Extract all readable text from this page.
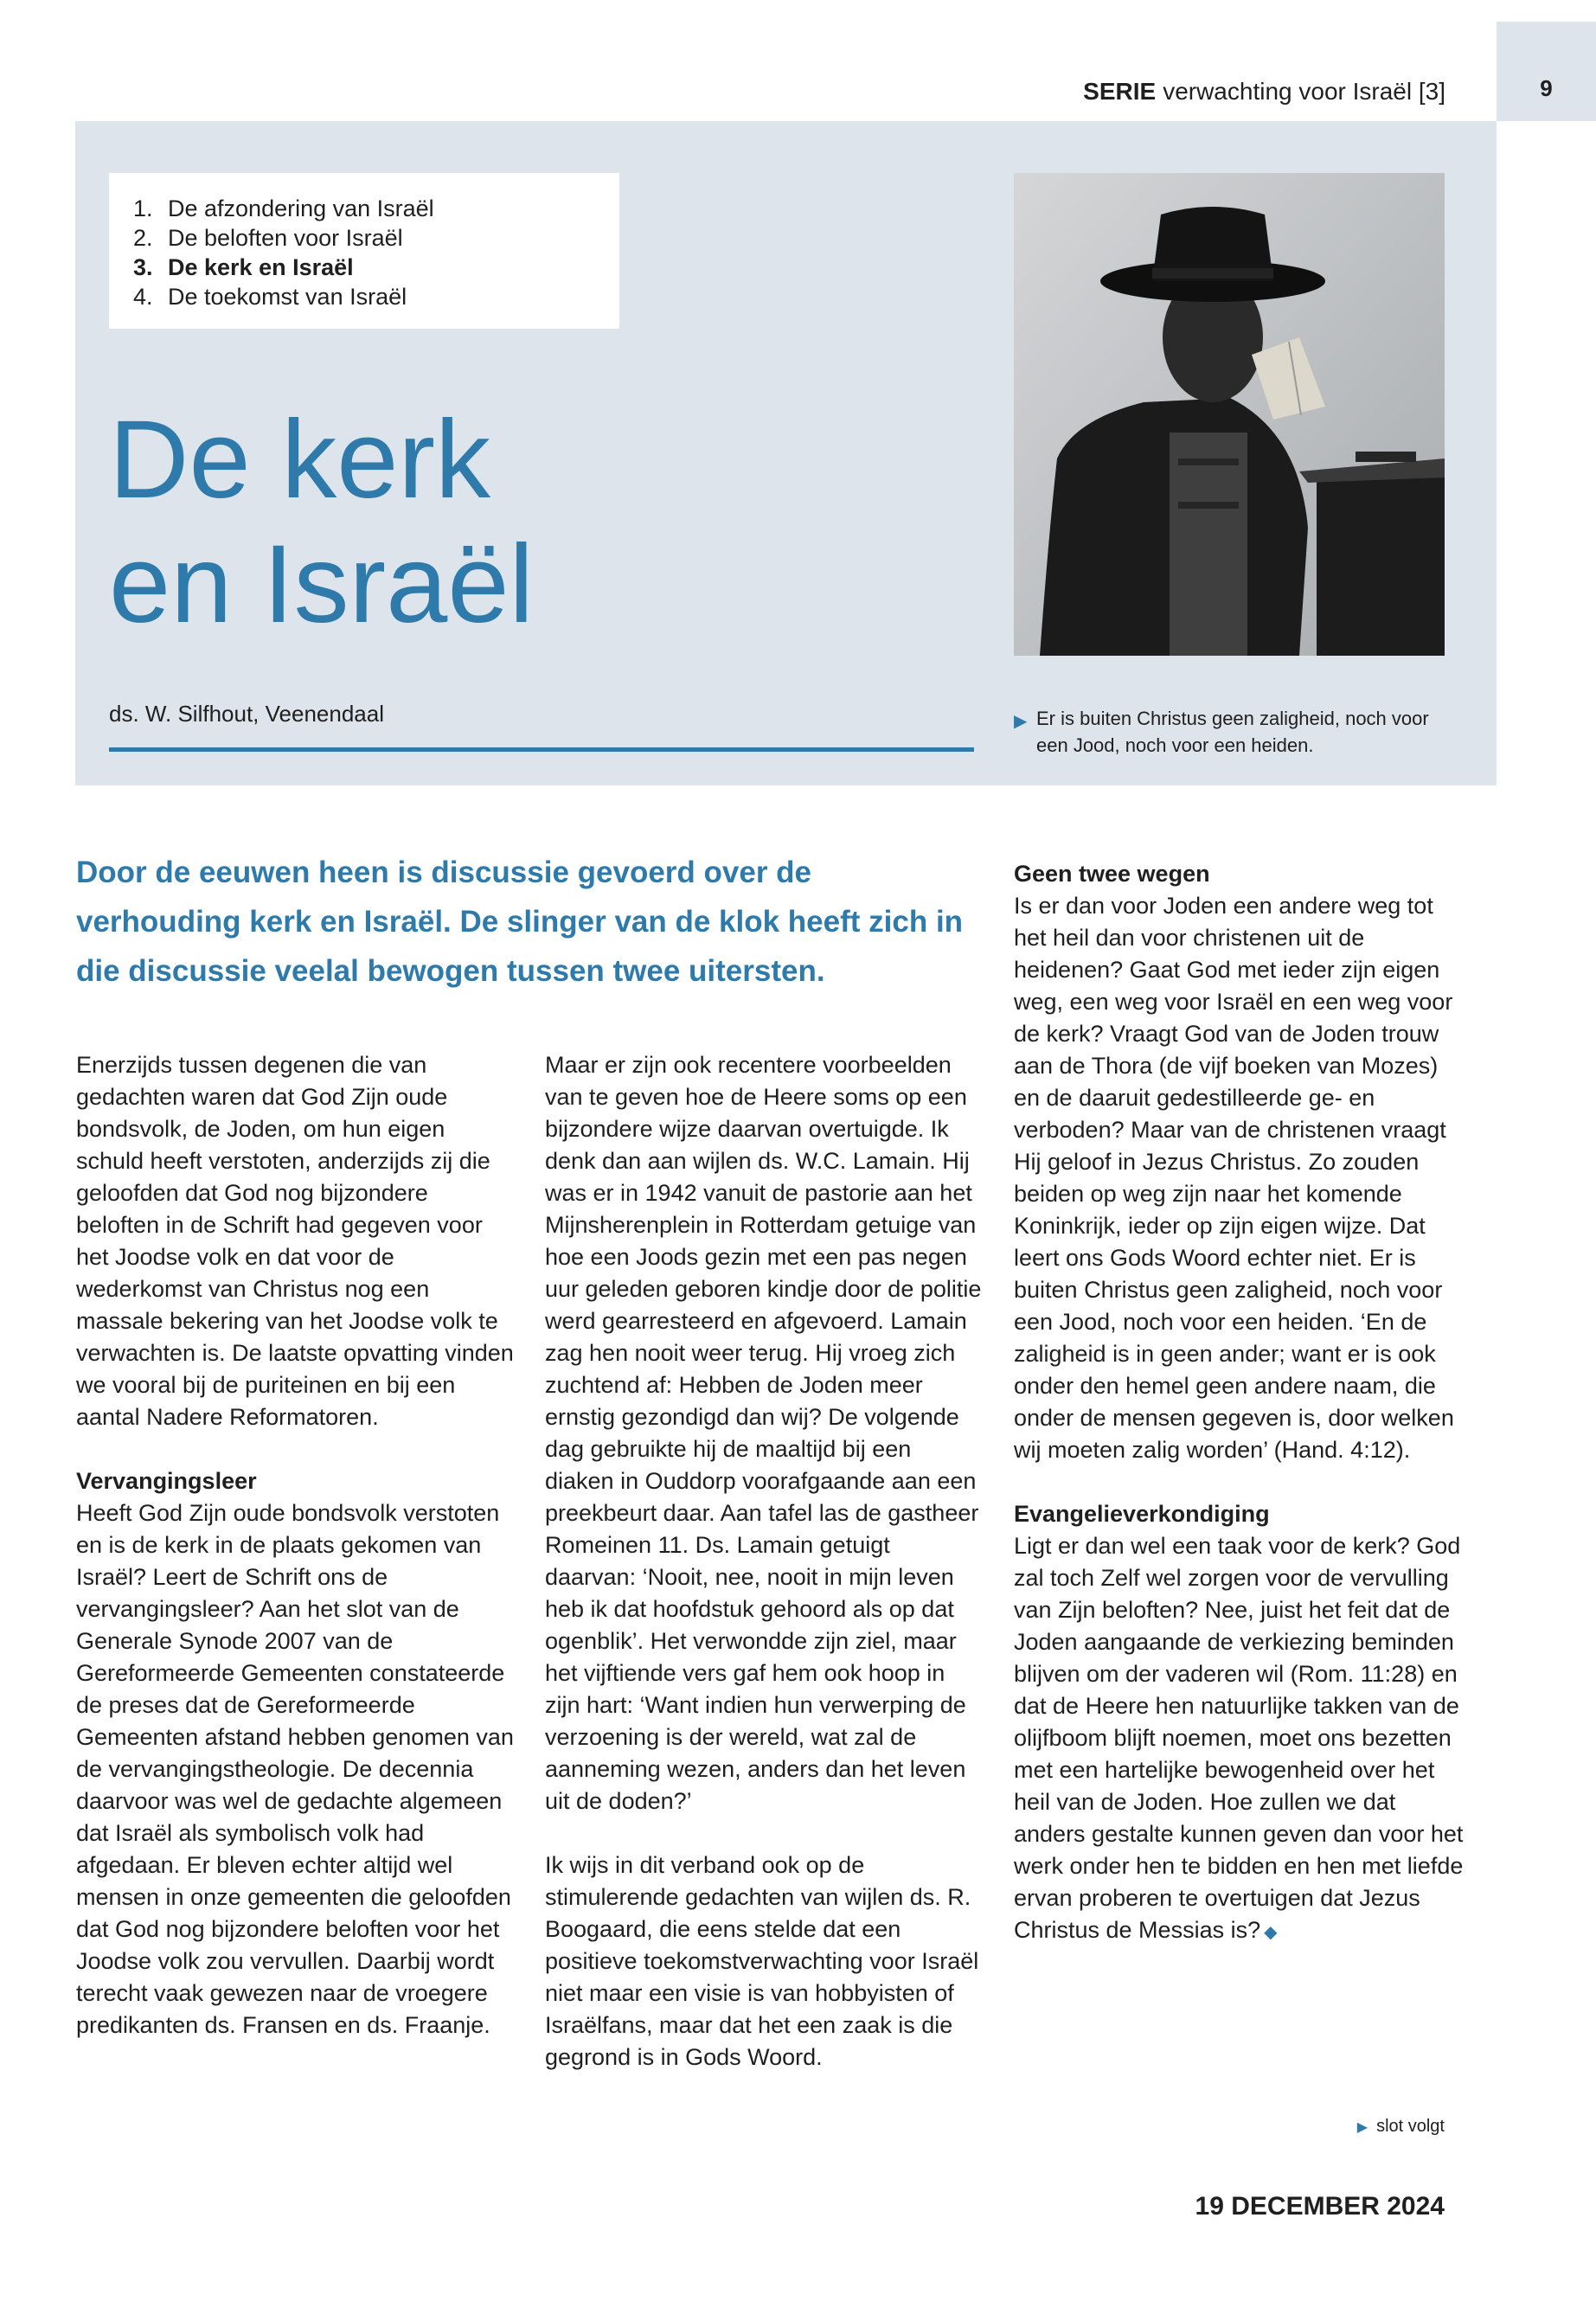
9
SERIE verwachting voor Israël [3]
1. De afzondering van Israël
2. De beloften voor Israël
3. De kerk en Israël
4. De toekomst van Israël
De kerk
en Israël
ds. W. Silfhout, Veenendaal	▶ Er is buiten Christus geen zaligheid, noch voor een Jood, noch voor een heiden.

Door de eeuwen heen is discussie gevoerd over de verhouding kerk en Israël. De slinger van de klok heeft zich in die discussie veelal bewogen tussen twee uitersten.

Enerzijds tussen degenen die van gedachten waren dat God Zijn oude bondsvolk, de Joden, om hun eigen schuld heeft verstoten, anderzijds zij die geloofden dat God nog bijzondere beloften in de Schrift had gegeven voor het Joodse volk en dat voor de wederkomst van Christus nog een massale bekering van het Joodse volk te verwachten is. De laatste opvatting vinden we vooral bij de puriteinen en bij een aantal Nadere Reformatoren.

Vervangingsleer

Heeft God Zijn oude bondsvolk verstoten en is de kerk in de plaats gekomen van Israël? Leert de Schrift ons de vervangingsleer? Aan het slot van de Generale Synode 2007 van de Gereformeerde Gemeenten constateerde de preses dat de Gereformeerde Gemeenten afstand hebben genomen van de vervangingstheologie. De decennia daarvoor was wel de gedachte algemeen dat Israël als symbolisch volk had afgedaan. Er bleven echter altijd wel mensen in onze gemeenten die geloofden dat God nog bijzondere beloften voor het Joodse volk zou vervullen. Daarbij wordt terecht vaak gewezen naar de vroegere predikanten ds. Fransen en ds. Fraanje.

Maar er zijn ook recentere voorbeelden van te geven hoe de Heere soms op een bijzondere wijze daarvan overtuigde. Ik denk dan aan wijlen ds. W.C. Lamain. Hij was er in 1942 vanuit de pastorie aan het Mijnsherenplein in Rotterdam getuige van hoe een Joods gezin met een pas negen uur geleden geboren kindje door de politie werd gearresteerd en afgevoerd. Lamain zag hen nooit weer terug. Hij vroeg zich zuchtend af: Hebben de Joden meer ernstig gezondigd dan wij? De volgende dag gebruikte hij de maaltijd bij een diaken in Ouddorp voorafgaande aan een preekbeurt daar. Aan tafel las de gastheer Romeinen 11. Ds. Lamain getuigt daarvan: ‘Nooit, nee, nooit in mijn leven heb ik dat hoofdstuk gehoord als op dat ogenblik’. Het verwondde zijn ziel, maar het vijftiende vers gaf hem ook hoop in zijn hart: ‘Want indien hun verwerping de verzoening is der wereld, wat zal de aanneming wezen, anders dan het leven uit de doden?’

Ik wijs in dit verband ook op de stimulerende gedachten van wijlen ds. R. Boogaard, die eens stelde dat een positieve toekomstverwachting voor Israël niet maar een visie is van hobbyisten of Israëlfans, maar dat het een zaak is die gegrond is in Gods Woord.

Geen twee wegen

Is er dan voor Joden een andere weg tot het heil dan voor christenen uit de heidenen? Gaat God met ieder zijn eigen weg, een weg voor Israël en een weg voor de kerk? Vraagt God van de Joden trouw aan de Thora (de vijf boeken van Mozes) en de daaruit gedestilleerde ge- en verboden? Maar van de christenen vraagt Hij geloof in Jezus Christus. Zo zouden beiden op weg zijn naar het komende Koninkrijk, ieder op zijn eigen wijze. Dat leert ons Gods Woord echter niet. Er is buiten Christus geen zaligheid, noch voor een Jood, noch voor een heiden. ‘En de zaligheid is in geen ander; want er is ook onder den hemel geen andere naam, die onder de mensen gegeven is, door welken wij moeten zalig worden’ (Hand. 4:12).

Evangelieverkondiging

Ligt er dan wel een taak voor de kerk? God zal toch Zelf wel zorgen voor de vervulling van Zijn beloften? Nee, juist het feit dat de Joden aangaande de verkiezing beminden blijven om der vaderen wil (Rom. 11:28) en dat de Heere hen natuurlijke takken van de olijfboom blijft noemen, moet ons bezetten met een hartelijke bewogenheid over het heil van de Joden. Hoe zullen we dat anders gestalte kunnen geven dan voor het werk onder hen te bidden en hen met liefde ervan proberen te overtuigen dat Jezus Christus de Messias is? ◆

▶ slot volgt
19 DECEMBER 2024
